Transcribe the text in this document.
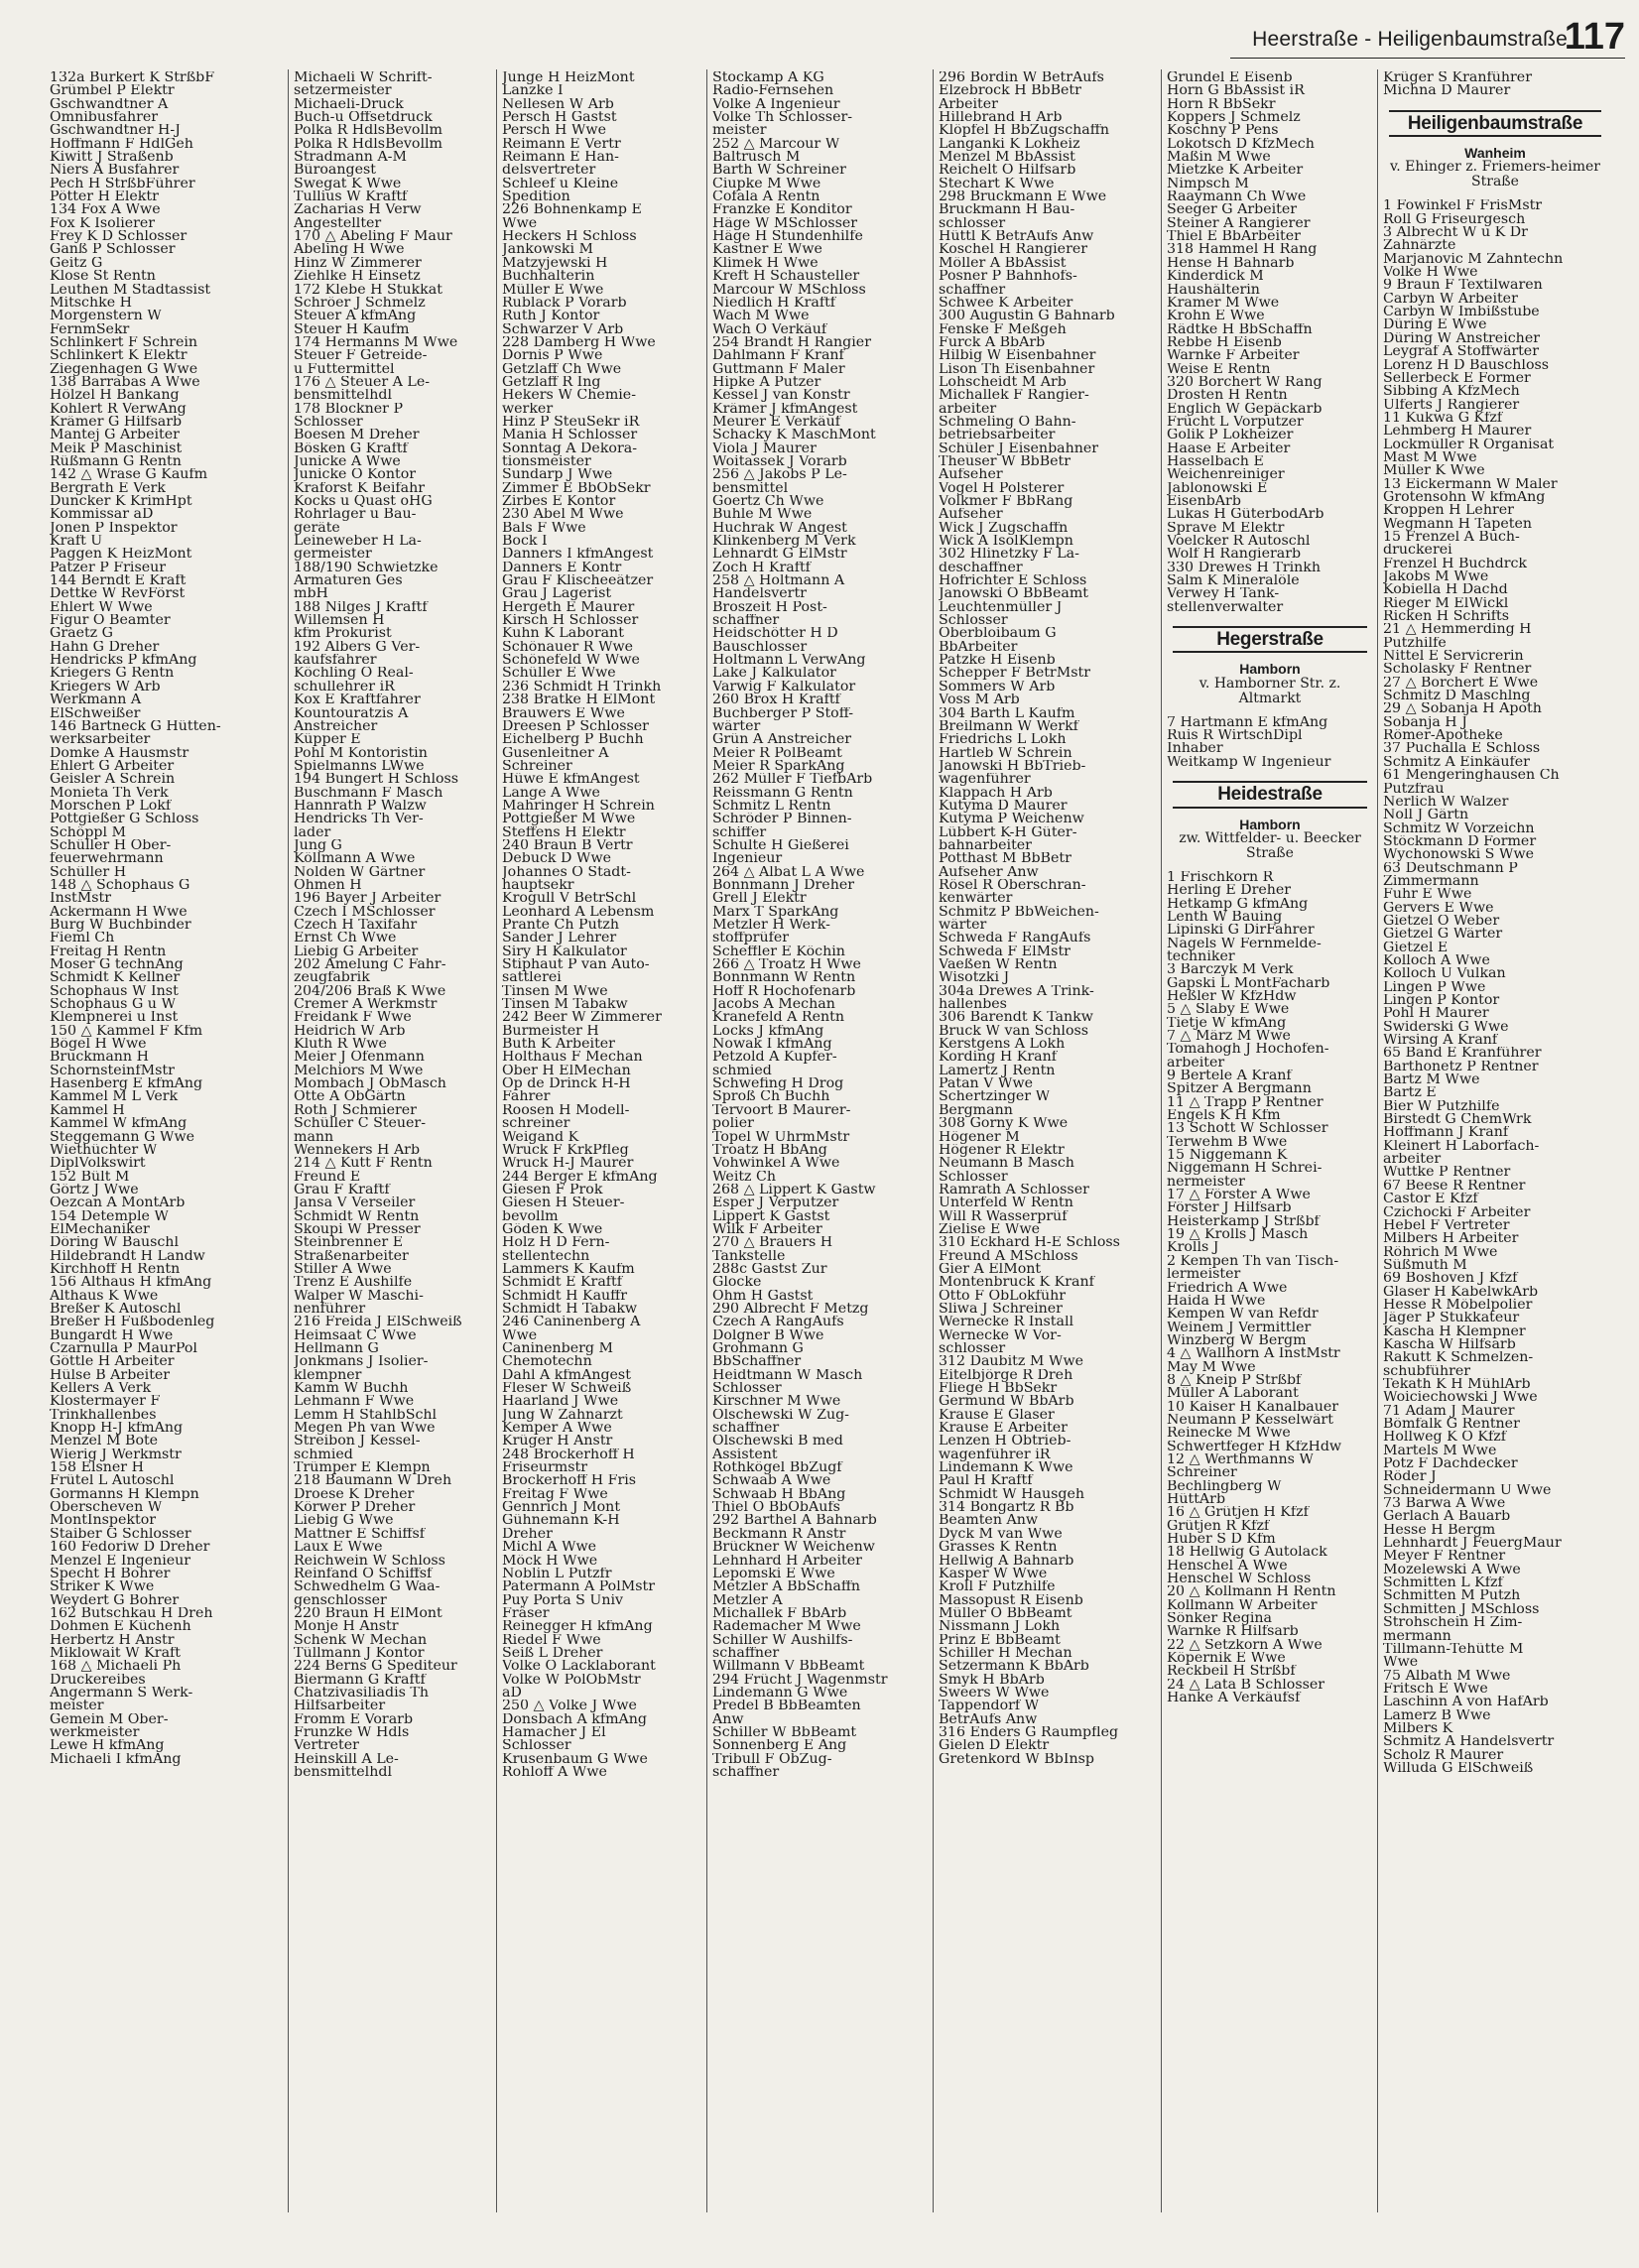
Heerstraße - Heiligenbaumstraße
117
132a Burkert K StrßbF
Grümbel P Elektr
Gschwandtner A
Omnibusfahrer
Gschwandtner H-J
Hoffmann F HdlGeh
Kiwitt J Straßenb
Niers A Busfahrer
Pech H StrßbFührer
Pötter H Elektr
134 Fox A Wwe
Fox K Isolierer
Frey K D Schlosser
Ganß P Schlosser
Geitz G
Klose St Rentn
Leuthen M Stadtassist
Mitschke H
Morgenstern W
FernmSekr
Schlinkert F Schrein
Schlinkert K Elektr
Ziegenhagen G Wwe
138 Barrabas A Wwe
Hölzel H Bankang
Kohlert R VerwAng
Krämer G Hilfsarb
Mantej G Arbeiter
Meik P Maschinist
Rüßmann G Rentn
142 △ Wrase G Kaufm
Bergrath E Verk
Duncker K KrimHpt
Kommissar aD
Jonen P Inspektor
Kraft U
Paggen K HeizMont
Patzer P Friseur
144 Berndt E Kraft
Dettke W RevFörst
Ehlert W Wwe
Figur O Beamter
Graetz G
Hahn G Dreher
Hendricks P kfmAng
Kriegers G Rentn
Kriegers W Arb
Werkmann A
ElSchweißer
146 Bartneck G Hütten-
werksarbeiter
Domke A Hausmstr
Ehlert G Arbeiter
Geisler A Schrein
Monieta Th Verk
Morschen P Lokf
Pottgießer G Schloss
Schöppl M
Schüller H Ober-
feuerwehrmann
Schüller H
148 △ Schophaus G
InstMstr
Ackermann H Wwe
Burg W Buchbinder
Fieml Ch
Freitag H Rentn
Moser G technAng
Schmidt K Kellner
Schophaus W Inst
Schophaus G u W
Klempnerei u Inst
150 △ Kammel F Kfm
Bögel H Wwe
Bruckmann H
SchornsteinfMstr
Hasenberg E kfmAng
Kammel M L Verk
Kammel H
Kammel W kfmAng
Steggemann G Wwe
Wiethüchter W
DiplVolkswirt
152 Bült M
Görtz J Wwe
Oezcan A MontArb
154 Detemple W
ElMechaniker
Döring W Bauschl
Hildebrandt H Landw
Kirchhoff H Rentn
156 Althaus H kfmAng
Althaus K Wwe
Breßer K Autoschl
Breßer H Fußbodenleg
Bungardt H Wwe
Czarnulla P MaurPol
Göttle H Arbeiter
Hülse B Arbeiter
Kellers A Verk
Klostermayer F
Trinkhallenbes
Knopp H-J kfmAng
Menzel M Bote
Wierig J Werkmstr
158 Elsner H
Frütel L Autoschl
Gormanns H Klempn
Oberscheven W
MontInspektor
Staiber G Schlosser
160 Fedoriw D Dreher
Menzel E Ingenieur
Specht H Bohrer
Striker K Wwe
Weydert G Bohrer
162 Butschkau H Dreh
Dohmen E Küchenh
Herbertz H Anstr
Miklowait W Kraft
168 △ Michaeli Ph
Druckereibes
Angermann S Werk-
meister
Gemein M Ober-
werkmeister
Lewe H kfmAng
Michaeli I kfmAng
Michaeli W Schrift-
setzermeister
Michaeli-Druck
Buch-u Offsetdruck
Polka R HdlsBevollm
Polka R HdlsBevollm
Stradmann A-M
Büroangest
Swegat K Wwe
Tullius W Kraftf
Zacharias H Verw
Angestellter
170 △ Abeling F Maur
Abeling H Wwe
Hinz W Zimmerer
Ziehlke H Einsetz
172 Klebe H Stukkat
Schröer J Schmelz
Steuer A kfmAng
Steuer H Kaufm
174 Hermanns M Wwe
Steuer F Getreide-
u Futtermittel
176 △ Steuer A Le-
bensmittelhdl
178 Blockner P
Schlosser
Boesen M Dreher
Bösken G Kraftf
Junicke A Wwe
Junicke O Kontor
Kraforst K Beifahr
Kocks u Quast oHG
Rohrlager u Bau-
geräte
Leineweber H La-
germeister
188/190 Schwietzke
Armaturen Ges
mbH
188 Nilges J Kraftf
Willemsen H
kfm Prokurist
192 Albers G Ver-
kaufsfahrer
Köchling O Real-
schullehrer iR
Kox E Kraftfahrer
Kountouratzis A
Anstreicher
Küpper E
Pohl M Kontoristin
Spielmanns LWwe
194 Bungert H Schloss
Buschmann F Masch
Hannrath P Walzw
Hendricks Th Ver-
lader
Jung G
Köllmann A Wwe
Nolden W Gärtner
Ohmen H
196 Bayer J Arbeiter
Czech I MSchlosser
Czech H Taxifahr
Ernst Ch Wwe
Liebig G Arbeiter
202 Amelung C Fahr-
zeugfabrik
204/206 Braß K Wwe
Cremer A Werkmstr
Freidank F Wwe
Heidrich W Arb
Kluth R Wwe
Meier J Ofenmann
Melchiors M Wwe
Mombach J ObMasch
Otte A ObGärtn
Roth J Schmierer
Schüller C Steuer-
mann
Wennekers H Arb
214 △ Kutt F Rentn
Freund E
Grau F Kraftf
Jansa V Verseiler
Schmidt W Rentn
Skoupi W Presser
Steinbrenner E
Straßenarbeiter
Stiller A Wwe
Trenz E Aushilfe
Walper W Maschi-
nenführer
216 Freida J ElSchweiß
Heimsaat C Wwe
Hellmann G
Jonkmans J Isolier-
klempner
Kamm W Buchh
Lehmann F Wwe
Lemm H StahlbSchl
Megen Ph van Wwe
Streibon J Kessel-
schmied
Trümper E Klempn
218 Baumann W Dreh
Droese K Dreher
Körwer P Dreher
Liebig G Wwe
Mattner E Schiffsf
Laux E Wwe
Reichwein W Schloss
Reinfand O Schiffsf
Schwedhelm G Waa-
genschlosser
220 Braun H ElMont
Monje H Anstr
Schenk W Mechan
Tüllmann J Kontor
224 Berns G Spediteur
Biermann G Kraftf
Chatzivasiliadis Th
Hilfsarbeiter
Fromm E Vorarb
Frunzke W Hdls
Vertreter
Heinskill A Le-
bensmittelhdl
Junge H HeizMont
Lanzke I
Nellesen W Arb
Persch H Gastst
Persch H Wwe
Reimann E Vertr
Reimann E Han-
delsvertreter
Schleef u Kleine
Spedition
226 Bohnenkamp E
Wwe
Heckers H Schloss
Jankowski M
Matzyjewski H
Buchhalterin
Müller E Wwe
Rublack P Vorarb
Ruth J Kontor
Schwarzer V Arb
228 Damberg H Wwe
Dornis P Wwe
Getzlaff Ch Wwe
Getzlaff R Ing
Hekers W Chemie-
werker
Hinz P SteuSekr iR
Mania H Schlosser
Sonntag A Dekora-
tionsmeister
Sundarp J Wwe
Zimmer E BbObSekr
Zirbes E Kontor
230 Abel M Wwe
Bals F Wwe
Bock I
Danners I kfmAngest
Danners E Kontr
Grau F Klischeeätzer
Grau J Lagerist
Hergeth E Maurer
Kirsch H Schlosser
Kuhn K Laborant
Schönauer R Wwe
Schönefeld W Wwe
Schüller E Wwe
236 Schmidt H Trinkh
238 Bratke H ElMont
Brauwers E Wwe
Dreesen P Schlosser
Eichelberg P Buchh
Gusenleitner A
Schreiner
Hüwe E kfmAngest
Lange A Wwe
Mahringer H Schrein
Pottgießer M Wwe
Steffens H Elektr
240 Braun B Vertr
Debuck D Wwe
Johannes O Stadt-
hauptsekr
Krogull V BetrSchl
Leonhard A Lebensm
Prante Ch Putzh
Sander J Lehrer
Siry H Kalkulator
Stiphaut P van Auto-
sattlerei
Tinsen M Wwe
Tinsen M Tabakw
242 Beer W Zimmerer
Burmeister H
Buth K Arbeiter
Holthaus F Mechan
Ober H ElMechan
Op de Drinck H-H
Fahrer
Roosen H Modell-
schreiner
Weigand K
Wruck F KrkPfleg
Wruck H-J Maurer
244 Berger E kfmAng
Giesen F Prok
Giesen H Steuer-
bevollm
Göden K Wwe
Holz H D Fern-
stellentechn
Lammers K Kaufm
Schmidt E Kraftf
Schmidt H Kauffr
Schmidt H Tabakw
246 Caninenberg A
Wwe
Caninenberg M
Chemotechn
Dahl A kfmAngest
Fleser W Schweiß
Haarland J Wwe
Jung W Zahnarzt
Kemper A Wwe
Krüger H Anstr
248 Brockerhoff H
Friseurmstr
Brockerhoff H Fris
Freitag F Wwe
Gennrich J Mont
Gühnemann K-H
Dreher
Michl A Wwe
Möck H Wwe
Noblin L Putzfr
Patermann A PolMstr
Puy Porta S Univ
Fräser
Reinegger H kfmAng
Riedel F Wwe
Seiß L Dreher
Volke O Lacklaborant
Volke W PolObMstr
aD
250 △ Volke J Wwe
Donsbach A kfmAng
Hamacher J El
Schlosser
Krusenbaum G Wwe
Rohloff A Wwe
Stockamp A KG
Radio-Fernsehen
Volke A Ingenieur
Volke Th Schlosser-
meister
252 △ Marcour W
Baltrusch M
Barth W Schreiner
Ciupke M Wwe
Cofala A Rentn
Franzke E Konditor
Häge W MSchlosser
Häge H Stundenhilfe
Kastner E Wwe
Klimek H Wwe
Kreft H Schausteller
Marcour W MSchloss
Niedlich H Kraftf
Wach M Wwe
Wach O Verkäuf
254 Brandt H Rangier
Dahlmann F Kranf
Guttmann F Maler
Hipke A Putzer
Kessel J van Konstr
Krämer J kfmAngest
Meurer E Verkäuf
Schacky K MaschMont
Viola J Maurer
Woitassek J Vorarb
256 △ Jakobs P Le-
bensmittel
Goertz Ch Wwe
Buhle M Wwe
Huchrak W Angest
Klinkenberg M Verk
Lehnardt G ElMstr
Zoch H Kraftf
258 △ Holtmann A
Handelsvertr
Broszeit H Post-
schaffner
Heidschötter H D
Bauschlosser
Holtmann L VerwAng
Lake J Kalkulator
Varwig F Kalkulator
260 Brox H Kraftf
Buchberger P Stoff-
wärter
Grün A Anstreicher
Meier R PolBeamt
Meier R SparkAng
262 Müller F TiefbArb
Reissmann G Rentn
Schmitz L Rentn
Schröder P Binnen-
schiffer
Schulte H Gießerei
Ingenieur
264 △ Albat L A Wwe
Bonnmann J Dreher
Grell J Elektr
Marx T SparkAng
Metzler H Werk-
stoffprüfer
Scheffler E Köchin
266 △ Troatz H Wwe
Bonnmann W Rentn
Hoff R Hochofenarb
Jacobs A Mechan
Kranefeld A Rentn
Locks J kfmAng
Nowak I kfmAng
Petzold A Kupfer-
schmied
Schwefing H Drog
Sproß Ch Buchh
Tervoort B Maurer-
polier
Topel W UhrmMstr
Troatz H BbAng
Vohwinkel A Wwe
Weitz Ch
268 △ Lippert K Gastw
Esper J Verputzer
Lippert K Gastst
Wilk F Arbeiter
270 △ Brauers H
Tankstelle
288c Gastst Zur
Glocke
Ohm H Gastst
290 Albrecht F Metzg
Czech A RangAufs
Dolgner B Wwe
Grohmann G
BbSchaffner
Heidtmann W Masch
Schlosser
Kirschner M Wwe
Olschewski W Zug-
schaffner
Olschewski B med
Assistent
Rothkögel BbZugf
Schwaab A Wwe
Schwaab H BbAng
Thiel O BbObAufs
292 Barthel A Bahnarb
Beckmann R Anstr
Brückner W Weichenw
Lehnhard H Arbeiter
Lepomski E Wwe
Metzler A BbSchaffn
Metzler A
Michallek F BbArb
Rademacher M Wwe
Schiller W Aushilfs-
schaffner
Willmann V BbBeamt
294 Frücht J Wagenmstr
Lindemann G Wwe
Predel B BbBeamten
Anw
Schiller W BbBeamt
Sonnenberg E Ang
Tribull F ObZug-
schaffner
296 Bordin W BetrAufs
Elzebrock H BbBetr
Arbeiter
Hillebrand H Arb
Klöpfel H BbZugschaffn
Langanki K Lokheiz
Menzel M BbAssist
Reichelt O Hilfsarb
Stechart K Wwe
298 Bruckmann E Wwe
Bruckmann H Bau-
schlosser
Hüttl K BetrAufs Anw
Koschel H Rangierer
Möller A BbAssist
Posner P Bahnhofs-
schaffner
Schwee K Arbeiter
300 Augustin G Bahnarb
Fenske F Meßgeh
Furck A BbArb
Hilbig W Eisenbahner
Lison Th Eisenbahner
Lohscheidt M Arb
Michallek F Rangier-
arbeiter
Schmeling O Bahn-
betriebsarbeiter
Schüler J Eisenbahner
Theuser W BbBetr
Aufseher
Vogel H Polsterer
Volkmer F BbRang
Aufseher
Wick J Zugschaffn
Wick A IsolKlempn
302 Hlinetzky F La-
deschaffner
Hofrichter E Schloss
Janowski O BbBeamt
Leuchtenmüller J
Schlosser
Oberbloibaum G
BbArbeiter
Patzke H Eisenb
Schepper F BetrMstr
Sommers W Arb
Voss M Arb
304 Barth L Kaufm
Breilmann W Werkf
Friedrichs L Lokh
Hartleb W Schrein
Janowski H BbTrieb-
wagenführer
Klappach H Arb
Kutyma D Maurer
Kutyma P Weichenw
Lübbert K-H Güter-
bahnarbeiter
Potthast M BbBetr
Aufseher Anw
Rösel R Oberschran-
kenwärter
Schmitz P BbWeichen-
wärter
Schweda F RangAufs
Schweda F ElMstr
Vaeßen W Rentn
Wisotzki J
304a Drewes A Trink-
hallenbes
306 Barendt K Tankw
Bruck W van Schloss
Kerstgens A Lokh
Kording H Kranf
Lamertz J Rentn
Patan V Wwe
Schertzinger W
Bergmann
308 Gorny K Wwe
Högener M
Högener R Elektr
Neumann B Masch
Schlosser
Ramrath A Schlosser
Unterfeld W Rentn
Will R Wasserprüf
Zielise E Wwe
310 Eckhard H-E Schloss
Freund A MSchloss
Gier A ElMont
Montenbruck K Kranf
Otto F ObLokführ
Sliwa J Schreiner
Wernecke R Install
Wernecke W Vor-
schlosser
312 Daubitz M Wwe
Eitelbjörge R Dreh
Fliege H BbSekr
Germund W BbArb
Krause E Glaser
Krause E Arbeiter
Lenzen H Obtrieb-
wagenführer iR
Lindemann K Wwe
Paul H Kraftf
Schmidt W Hausgeh
314 Bongartz R Bb
Beamten Anw
Dyck M van Wwe
Grasses K Rentn
Hellwig A Bahnarb
Kasper W Wwe
Kroll F Putzhilfe
Massopust R Eisenb
Müller O BbBeamt
Nissmann J Lokh
Prinz E BbBeamt
Schiller H Mechan
Setzermann K BbArb
Smyk H BbArb
Sweers W Wwe
Tappendorf W
BetrAufs Anw
316 Enders G Raumpfleg
Gielen D Elektr
Gretenkord W BbInsp
Grundel E Eisenb
Horn G BbAssist iR
Horn R BbSekr
Koppers J Schmelz
Koschny P Pens
Lokotsch D KfzMech
Maßin M Wwe
Mietzke K Arbeiter
Nimpsch M
Raaymann Ch Wwe
Seeger G Arbeiter
Steiner A Rangierer
Thiel E BbArbeiter
318 Hammel H Rang
Hense H Bahnarb
Kinderdick M
Haushälterin
Kramer M Wwe
Krohn E Wwe
Rädtke H BbSchaffn
Rebbe H Eisenb
Warnke F Arbeiter
Weise E Rentn
320 Borchert W Rang
Drosten H Rentn
Englich W Gepäckarb
Frücht L Vorputzer
Golik P Lokheizer
Haase E Arbeiter
Hasselbach E
Weichenreiniger
Jablonowski E
EisenbArb
Lukas H GüterbodArb
Sprave M Elektr
Voelcker R Autoschl
Wolf H Rangierarb
330 Drewes H Trinkh
Salm K Mineralöle
Verwey H Tank-
stellenverwalter
Hegerstraße
Hamborn
v. Hamborner Str. z. Altmarkt
7 Hartmann E kfmAng
Ruis R WirtschDipl
Inhaber
Weitkamp W Ingenieur
Heidestraße
Hamborn
zw. Wittfelder- u. Beecker Straße
1 Frischkorn R
Herling E Dreher
Hetkamp G kfmAng
Lenth W Bauing
Lipinski G DirFahrer
Nagels W Fernmelde-
techniker
3 Barczyk M Verk
Gapski L MontFacharb
Heßler W KfzHdw
5 △ Slaby E Wwe
Tietje W kfmAng
7 △ März M Wwe
Tomahogh J Hochofen-
arbeiter
9 Bertele A Kranf
Spitzer A Bergmann
11 △ Trapp P Rentner
Engels K H Kfm
13 Schott W Schlosser
Terwehm B Wwe
15 Niggemann K
Niggemann H Schrei-
nermeister
17 △ Förster A Wwe
Förster J Hilfsarb
Heisterkamp J Strßbf
19 △ Krolls J Masch
Krolls J
2 Kempen Th van Tisch-
lermeister
Friedrich A Wwe
Haida H Wwe
Kempen W van Refdr
Weinem J Vermittler
Winzberg W Bergm
4 △ Wallhorn A InstMstr
May M Wwe
8 △ Kneip P Strßbf
Müller A Laborant
10 Kaiser H Kanalbauer
Neumann P Kesselwärt
Reinecke M Wwe
Schwertfeger H KfzHdw
12 △ Werthmanns W
Schreiner
Bechlingberg W
HüttArb
16 △ Grütjen H Kfzf
Grütjen R Kfzf
Huber S D Kfm
18 Hellwig G Autolack
Henschel A Wwe
Henschel W Schloss
20 △ Kollmann H Rentn
Kollmann W Arbeiter
Sönker Regina
Warnke R Hilfsarb
22 △ Setzkorn A Wwe
Köpernik E Wwe
Reckbeil H Strßbf
24 △ Lata B Schlosser
Hanke A Verkäufsf
Krüger S Kranführer
Michna D Maurer
Heiligenbaumstraße
Wanheim
v. Ehinger z. Friemers-heimer Straße
1 Fowinkel F FrisMstr
Roll G Friseurgesch
3 Albrecht W u K Dr
Zahnärzte
Marjanovic M Zahntechn
Volke H Wwe
9 Braun F Textilwaren
Carbyn W Arbeiter
Carbyn W Imbißstube
Düring E Wwe
Düring W Anstreicher
Leygraf A Stoffwärter
Lorenz H D Bauschloss
Sellerbeck E Former
Sibbing A KfzMech
Ulferts J Rangierer
11 Kukwa G Kfzf
Lehmberg H Maurer
Lockmüller R Organisat
Mast M Wwe
Müller K Wwe
13 Eickermann W Maler
Grotensohn W kfmAng
Kroppen H Lehrer
Wegmann H Tapeten
15 Frenzel A Buch-
druckerei
Frenzel H Buchdrck
Jakobs M Wwe
Kobiella H Dachd
Rieger M ElWickl
Ricken H Schrifts
21 △ Hemmerding H
Putzhilfe
Nittel E Servicrerin
Scholasky F Rentner
27 △ Borchert E Wwe
Schmitz D Maschlng
29 △ Sobanja H Apoth
Sobanja H J
Römer-Apotheke
37 Puchalla E Schloss
Schmitz A Einkäufer
61 Mengeringhausen Ch
Putzfrau
Nerlich W Walzer
Noll J Gärtn
Schmitz W Vorzeichn
Stöckmann D Former
Wychonowski S Wwe
63 Deutschmann P
Zimmermann
Fuhr E Wwe
Gervers E Wwe
Gietzel O Weber
Gietzel G Wärter
Gietzel E
Kolloch A Wwe
Kolloch U Vulkan
Lingen P Wwe
Lingen P Kontor
Pohl H Maurer
Swiderski G Wwe
Wirsing A Kranf
65 Band E Kranführer
Barthonetz P Rentner
Bartz M Wwe
Bartz E
Bier W Putzhilfe
Birstedt G ChemWrk
Hoffmann J Kranf
Kleinert H Laborfach-
arbeiter
Wuttke P Rentner
67 Beese R Rentner
Castor E Kfzf
Czichocki F Arbeiter
Hebel F Vertreter
Milbers H Arbeiter
Röhrich M Wwe
Süßmuth M
69 Boshoven J Kfzf
Glaser H KabelwkArb
Hesse R Möbelpolier
Jäger P Stukkateur
Kascha H Klempner
Kascha W Hilfsarb
Rakutt K Schmelzen-
schubführer
Tekath K H MühlArb
Woiciechowski J Wwe
71 Adam J Maurer
Bömfalk G Rentner
Hollweg K O Kfzf
Martels M Wwe
Potz F Dachdecker
Röder J
Schneidermann U Wwe
73 Barwa A Wwe
Gerlach A Bauarb
Hesse H Bergm
Lehnhardt J FeuergMaur
Meyer F Rentner
Mozelewski A Wwe
Schmitten L Kfzf
Schmitten M Putzh
Schmitten J MSchloss
Strohschein H Zim-
mermann
Tillmann-Tehütte M
Wwe
75 Albath M Wwe
Fritsch E Wwe
Laschinn A von HafArb
Lamerz B Wwe
Milbers K
Schmitz A Handelsvertr
Scholz R Maurer
Willuda G ElSchweiß
